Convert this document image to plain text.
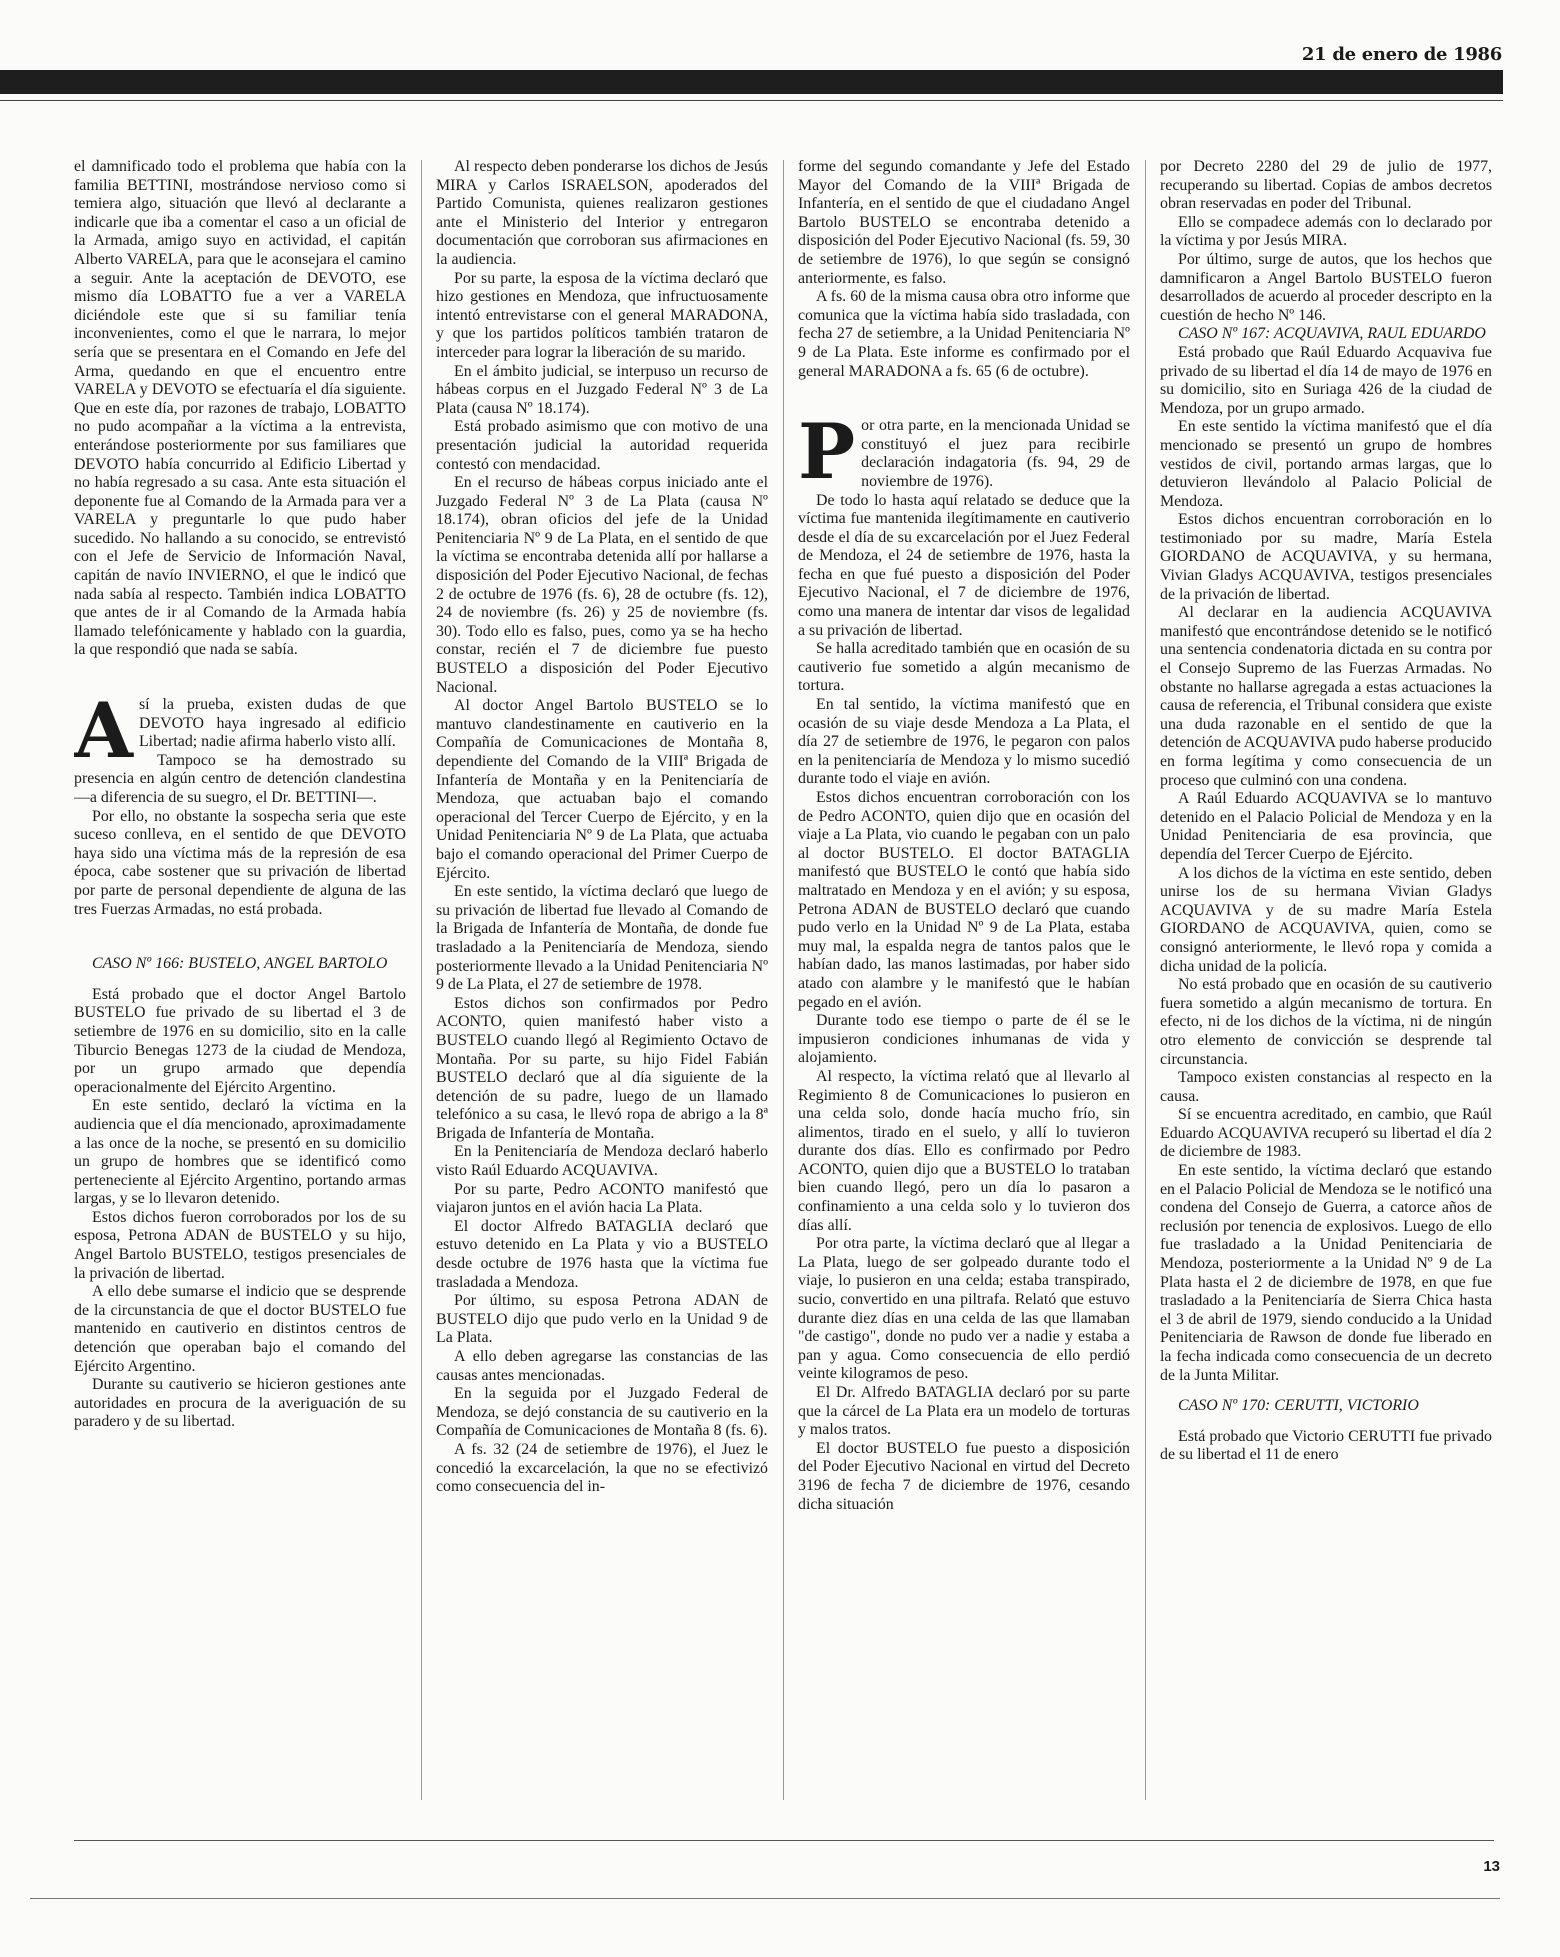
21 de enero de 1986

el damnificado todo el problema que había con la familia BETTINI, mostrándose nervioso como si temiera algo, situación que llevó al declarante a indicarle que iba a comentar el caso a un oficial de la Armada, amigo suyo en actividad, el capitán Alberto VARELA, para que le aconsejara el camino a seguir. Ante la aceptación de DEVOTO, ese mismo día LOBATTO fue a ver a VARELA diciéndole este que si su familiar tenía inconvenientes, como el que le narrara, lo mejor sería que se presentara en el Comando en Jefe del Arma, quedando en que el encuentro entre VARELA y DEVOTO se efectuaría el día siguiente. Que en este día, por razones de trabajo, LOBATTO no pudo acompañar a la víctima a la entrevista, enterándose posteriormente por sus familiares que DEVOTO había concurrido al Edificio Libertad y no había regresado a su casa. Ante esta situación el deponente fue al Comando de la Armada para ver a VARELA y preguntarle lo que pudo haber sucedido. No hallando a su conocido, se entrevistó con el Jefe de Servicio de Información Naval, capitán de navío INVIERNO, el que le indicó que nada sabía al respecto. También indica LOBATTO que antes de ir al Comando de la Armada había llamado telefónicamente y hablado con la guardia, la que respondió que nada se sabía.

Así la prueba, existen dudas de que DEVOTO haya ingresado al edificio Libertad; nadie afirma haberlo visto allí.

Tampoco se ha demostrado su presencia en algún centro de detención clandestina —a diferencia de su suegro, el Dr. BETTINI—.

Por ello, no obstante la sospecha seria que este suceso conlleva, en el sentido de que DEVOTO haya sido una víctima más de la represión de esa época, cabe sostener que su privación de libertad por parte de personal dependiente de alguna de las tres Fuerzas Armadas, no está probada.

CASO Nº 166: BUSTELO, ANGEL BARTOLO

Está probado que el doctor Angel Bartolo BUSTELO fue privado de su libertad el 3 de setiembre de 1976 en su domicilio, sito en la calle Tiburcio Benegas 1273 de la ciudad de Mendoza, por un grupo armado que dependía operacionalmente del Ejército Argentino.

En este sentido, declaró la víctima en la audiencia que el día mencionado, aproximadamente a las once de la noche, se presentó en su domicilio un grupo de hombres que se identificó como perteneciente al Ejército Argentino, portando armas largas, y se lo llevaron detenido.

Estos dichos fueron corroborados por los de su esposa, Petrona ADAN de BUSTELO y su hijo, Angel Bartolo BUSTELO, testigos presenciales de la privación de libertad.

A ello debe sumarse el indicio que se desprende de la circunstancia de que el doctor BUSTELO fue mantenido en cautiverio en distintos centros de detención que operaban bajo el comando del Ejército Argentino.

Durante su cautiverio se hicieron gestiones ante autoridades en procura de la averiguación de su paradero y de su libertad.

Al respecto deben ponderarse los dichos de Jesús MIRA y Carlos ISRAELSON, apoderados del Partido Comunista, quienes realizaron gestiones ante el Ministerio del Interior y entregaron documentación que corroboran sus afirmaciones en la audiencia.

Por su parte, la esposa de la víctima declaró que hizo gestiones en Mendoza, que infructuosamente intentó entrevistarse con el general MARADONA, y que los partidos políticos también trataron de interceder para lograr la liberación de su marido.

En el ámbito judicial, se interpuso un recurso de hábeas corpus en el Juzgado Federal Nº 3 de La Plata (causa Nº 18.174).

Está probado asimismo que con motivo de una presentación judicial la autoridad requerida contestó con mendacidad.

En el recurso de hábeas corpus iniciado ante el Juzgado Federal Nº 3 de La Plata (causa Nº 18.174), obran oficios del jefe de la Unidad Penitenciaria Nº 9 de La Plata, en el sentido de que la víctima se encontraba detenida allí por hallarse a disposición del Poder Ejecutivo Nacional, de fechas 2 de octubre de 1976 (fs. 6), 28 de octubre (fs. 12), 24 de noviembre (fs. 26) y 25 de noviembre (fs. 30). Todo ello es falso, pues, como ya se ha hecho constar, recién el 7 de diciembre fue puesto BUSTELO a disposición del Poder Ejecutivo Nacional.

Al doctor Angel Bartolo BUSTELO se lo mantuvo clandestinamente en cautiverio en la Compañía de Comunicaciones de Montaña 8, dependiente del Comando de la VIIIª Brigada de Infantería de Montaña y en la Penitenciaría de Mendoza, que actuaban bajo el comando operacional del Tercer Cuerpo de Ejército, y en la Unidad Penitenciaria Nº 9 de La Plata, que actuaba bajo el comando operacional del Primer Cuerpo de Ejército.

En este sentido, la víctima declaró que luego de su privación de libertad fue llevado al Comando de la Brigada de Infantería de Montaña, de donde fue trasladado a la Penitenciaría de Mendoza, siendo posteriormente llevado a la Unidad Penitenciaria Nº 9 de La Plata, el 27 de setiembre de 1978.

Estos dichos son confirmados por Pedro ACONTO, quien manifestó haber visto a BUSTELO cuando llegó al Regimiento Octavo de Montaña. Por su parte, su hijo Fidel Fabián BUSTELO declaró que al día siguiente de la detención de su padre, luego de un llamado telefónico a su casa, le llevó ropa de abrigo a la 8ª Brigada de Infantería de Montaña.

En la Penitenciaría de Mendoza declaró haberlo visto Raúl Eduardo ACQUAVIVA.

Por su parte, Pedro ACONTO manifestó que viajaron juntos en el avión hacia La Plata.

El doctor Alfredo BATAGLIA declaró que estuvo detenido en La Plata y vio a BUSTELO desde octubre de 1976 hasta que la víctima fue trasladada a Mendoza.

Por último, su esposa Petrona ADAN de BUSTELO dijo que pudo verlo en la Unidad 9 de La Plata.

A ello deben agregarse las constancias de las causas antes mencionadas.

En la seguida por el Juzgado Federal de Mendoza, se dejó constancia de su cautiverio en la Compañía de Comunicaciones de Montaña 8 (fs. 6).

A fs. 32 (24 de setiembre de 1976), el Juez le concedió la excarcelación, la que no se efectivizó como consecuencia del in-

forme del segundo comandante y Jefe del Estado Mayor del Comando de la VIIIª Brigada de Infantería, en el sentido de que el ciudadano Angel Bartolo BUSTELO se encontraba detenido a disposición del Poder Ejecutivo Nacional (fs. 59, 30 de setiembre de 1976), lo que según se consignó anteriormente, es falso.

A fs. 60 de la misma causa obra otro informe que comunica que la víctima había sido trasladada, con fecha 27 de setiembre, a la Unidad Penitenciaria Nº 9 de La Plata. Este informe es confirmado por el general MARADONA a fs. 65 (6 de octubre).

Por otra parte, en la mencionada Unidad se constituyó el juez para recibirle declaración indagatoria (fs. 94, 29 de noviembre de 1976).

De todo lo hasta aquí relatado se deduce que la víctima fue mantenida ilegítimamente en cautiverio desde el día de su excarcelación por el Juez Federal de Mendoza, el 24 de setiembre de 1976, hasta la fecha en que fué puesto a disposición del Poder Ejecutivo Nacional, el 7 de diciembre de 1976, como una manera de intentar dar visos de legalidad a su privación de libertad.

Se halla acreditado también que en ocasión de su cautiverio fue sometido a algún mecanismo de tortura.

En tal sentido, la víctima manifestó que en ocasión de su viaje desde Mendoza a La Plata, el día 27 de setiembre de 1976, le pegaron con palos en la penitenciaría de Mendoza y lo mismo sucedió durante todo el viaje en avión.

Estos dichos encuentran corroboración con los de Pedro ACONTO, quien dijo que en ocasión del viaje a La Plata, vio cuando le pegaban con un palo al doctor BUSTELO. El doctor BATAGLIA manifestó que BUSTELO le contó que había sido maltratado en Mendoza y en el avión; y su esposa, Petrona ADAN de BUSTELO declaró que cuando pudo verlo en la Unidad Nº 9 de La Plata, estaba muy mal, la espalda negra de tantos palos que le habían dado, las manos lastimadas, por haber sido atado con alambre y le manifestó que le habían pegado en el avión.

Durante todo ese tiempo o parte de él se le impusieron condiciones inhumanas de vida y alojamiento.

Al respecto, la víctima relató que al llevarlo al Regimiento 8 de Comunicaciones lo pusieron en una celda solo, donde hacía mucho frío, sin alimentos, tirado en el suelo, y allí lo tuvieron durante dos días. Ello es confirmado por Pedro ACONTO, quien dijo que a BUSTELO lo trataban bien cuando llegó, pero un día lo pasaron a confinamiento a una celda solo y lo tuvieron dos días allí.

Por otra parte, la víctima declaró que al llegar a La Plata, luego de ser golpeado durante todo el viaje, lo pusieron en una celda; estaba transpirado, sucio, convertido en una piltrafa. Relató que estuvo durante diez días en una celda de las que llamaban "de castigo", donde no pudo ver a nadie y estaba a pan y agua. Como consecuencia de ello perdió veinte kilogramos de peso.

El Dr. Alfredo BATAGLIA declaró por su parte que la cárcel de La Plata era un modelo de torturas y malos tratos.

El doctor BUSTELO fue puesto a disposición del Poder Ejecutivo Nacional en virtud del Decreto 3196 de fecha 7 de diciembre de 1976, cesando dicha situación

por Decreto 2280 del 29 de julio de 1977, recuperando su libertad. Copias de ambos decretos obran reservadas en poder del Tribunal.

Ello se compadece además con lo declarado por la víctima y por Jesús MIRA.

Por último, surge de autos, que los hechos que damnificaron a Angel Bartolo BUSTELO fueron desarrollados de acuerdo al proceder descripto en la cuestión de hecho Nº 146.

CASO Nº 167: ACQUAVIVA, RAUL EDUARDO

Está probado que Raúl Eduardo Acquaviva fue privado de su libertad el día 14 de mayo de 1976 en su domicilio, sito en Suriaga 426 de la ciudad de Mendoza, por un grupo armado.

En este sentido la víctima manifestó que el día mencionado se presentó un grupo de hombres vestidos de civil, portando armas largas, que lo detuvieron llevándolo al Palacio Policial de Mendoza.

Estos dichos encuentran corroboración en lo testimoniado por su madre, María Estela GIORDANO de ACQUAVIVA, y su hermana, Vivian Gladys ACQUAVIVA, testigos presenciales de la privación de libertad.

Al declarar en la audiencia ACQUAVIVA manifestó que encontrándose detenido se le notificó una sentencia condenatoria dictada en su contra por el Consejo Supremo de las Fuerzas Armadas. No obstante no hallarse agregada a estas actuaciones la causa de referencia, el Tribunal considera que existe una duda razonable en el sentido de que la detención de ACQUAVIVA pudo haberse producido en forma legítima y como consecuencia de un proceso que culminó con una condena.

A Raúl Eduardo ACQUAVIVA se lo mantuvo detenido en el Palacio Policial de Mendoza y en la Unidad Penitenciaria de esa provincia, que dependía del Tercer Cuerpo de Ejército.

A los dichos de la víctima en este sentido, deben unirse los de su hermana Vivian Gladys ACQUAVIVA y de su madre María Estela GIORDANO de ACQUAVIVA, quien, como se consignó anteriormente, le llevó ropa y comida a dicha unidad de la policía.

No está probado que en ocasión de su cautiverio fuera sometido a algún mecanismo de tortura. En efecto, ni de los dichos de la víctima, ni de ningún otro elemento de convicción se desprende tal circunstancia.

Tampoco existen constancias al respecto en la causa.

Sí se encuentra acreditado, en cambio, que Raúl Eduardo ACQUAVIVA recuperó su libertad el día 2 de diciembre de 1983.

En este sentido, la víctima declaró que estando en el Palacio Policial de Mendoza se le notificó una condena del Consejo de Guerra, a catorce años de reclusión por tenencia de explosivos. Luego de ello fue trasladado a la Unidad Penitenciaria de Mendoza, posteriormente a la Unidad Nº 9 de La Plata hasta el 2 de diciembre de 1978, en que fue trasladado a la Penitenciaría de Sierra Chica hasta el 3 de abril de 1979, siendo conducido a la Unidad Penitenciaria de Rawson de donde fue liberado en la fecha indicada como consecuencia de un decreto de la Junta Militar.

CASO Nº 170: CERUTTI, VICTORIO

Está probado que Victorio CERUTTI fue privado de su libertad el 11 de enero

13
